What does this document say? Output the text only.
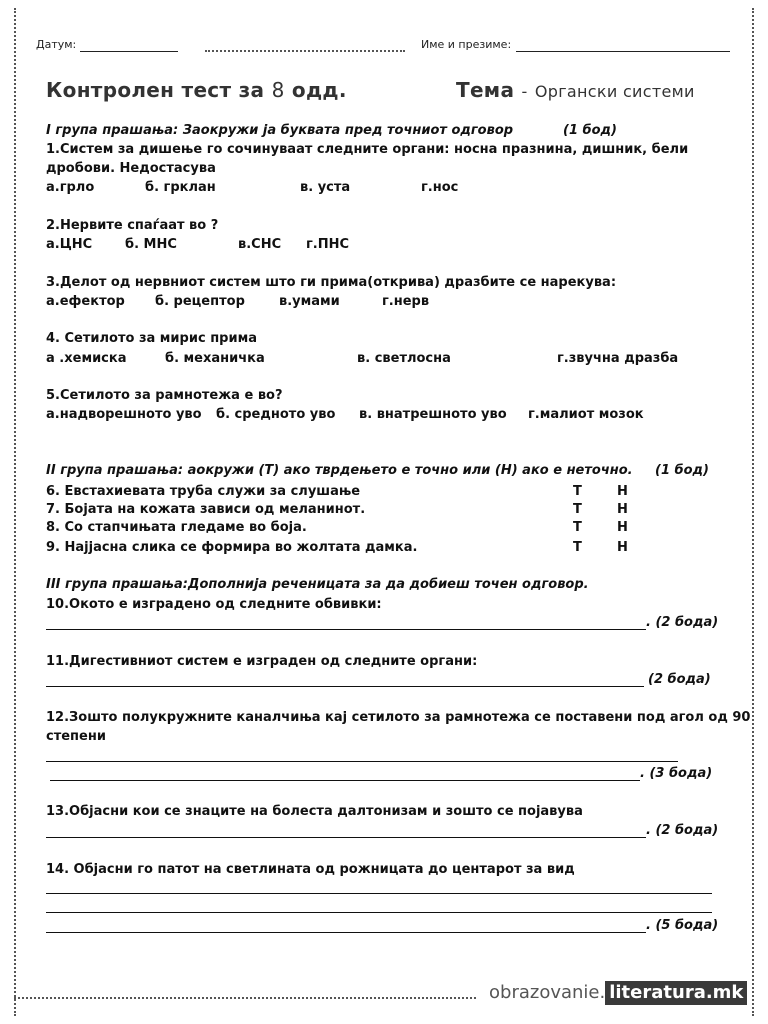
Датум:	Име и презиме:
Контролен тест за 8 одд.	Тема - Органски системи
I група прашања: Заокружи ја буквата пред точниот одговор	(1 бод)
1.Систем за дишење го сочинуваат следните органи: носна празнина, дишник, бели
дробови. Недостасува
а.грло	б. грклан	в. уста	г.нос
2.Нервите спаѓаат во ?
а.ЦНС	б. МНС	в.СНС г.ПНС
3.Делот од нервниот систем што ги прима(открива) дразбите се нарекува:
а.ефектор б. рецептор	в.умами	г.нерв
4. Сетилото за мирис прима
а .хемиска	б. механичка	в. светлосна	г.звучна дразба
5.Сетилото за рамнотежа е во?
а.надворешното уво б. средното уво в. внатрешното уво г.малиот мозок
II група прашања: аокружи (Т) ако тврдењето е точно или (Н) ако е неточно. (1 бод)
6. Евстахиевата труба служи за слушање	Т	Н
7. Бојата на кожата зависи од меланинот.	Т	Н
8. Со стапчињата гледаме во боја.	Т	Н
9. Најјасна слика се формира во жолтата дамка.	Т	Н
III група прашања:Дополнија реченицата за да добиеш точен одговор.
10.Окото е изградено од следните обвивки:
. (2 бода)
11.Дигестивниот систем е изграден од следните органи:
(2 бода)
12.Зошто полукружните каналчиња кај сетилото за рамнотежа се поставени под агол од 90
степени
. (3 бода)
13.Објасни кои се знаците на болеста далтонизам и зошто се појавува
. (2 бода)
14. Објасни го патот на светлината од рожницата до центарот за вид
. (5 бода)
obrazovanie. literatura.mk
